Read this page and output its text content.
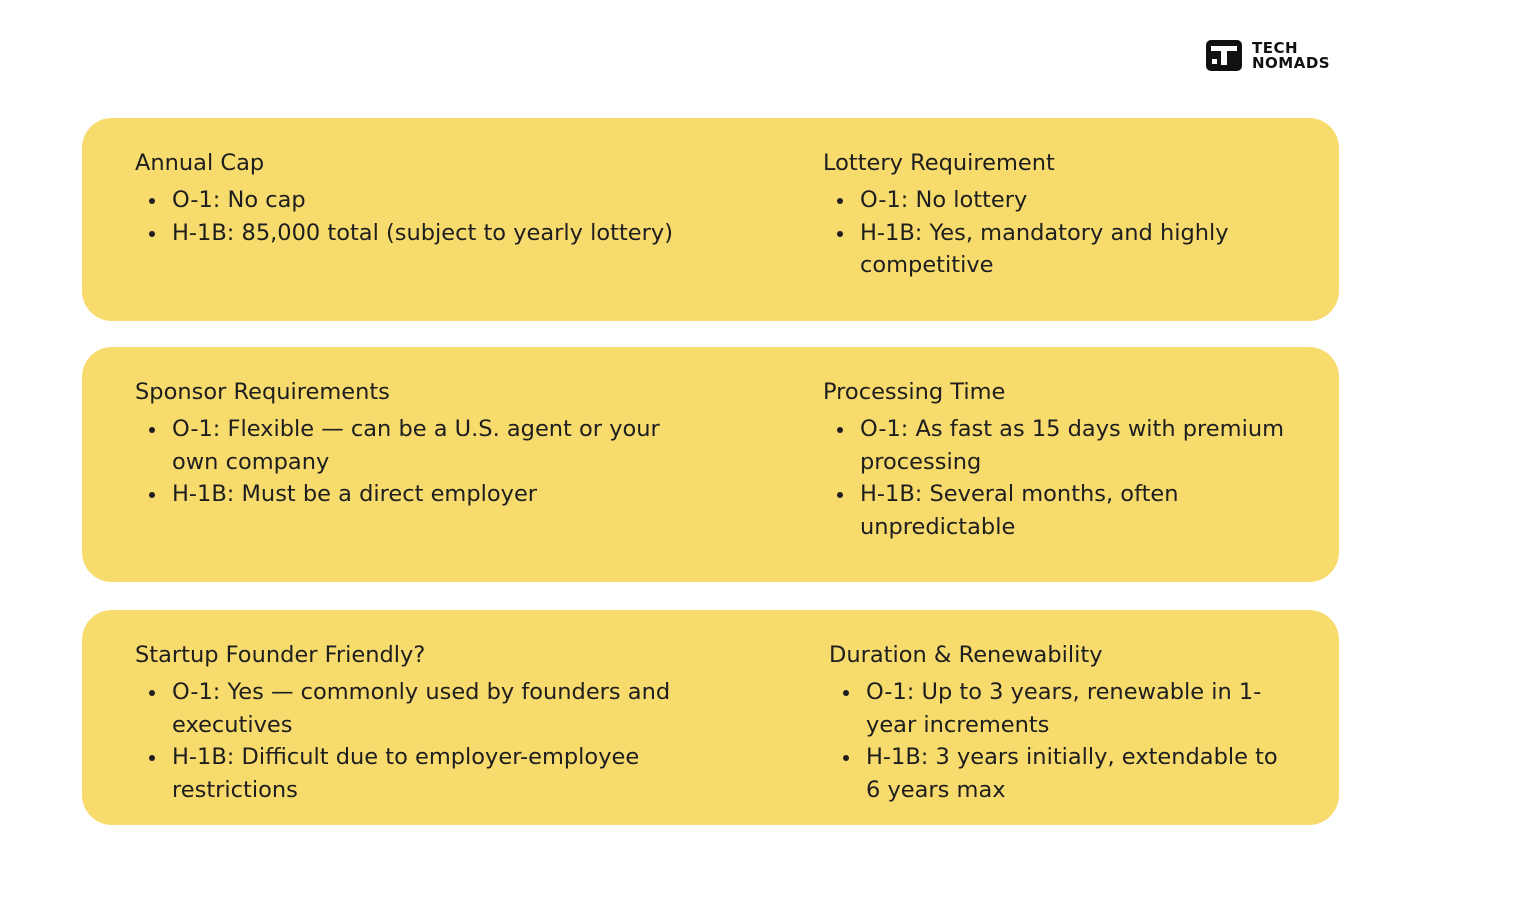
TECH
NOMADS
Annual Cap
O-1: No cap
H-1B: 85,000 total (subject to yearly lottery)
Lottery Requirement
O-1: No lottery
H-1B: Yes, mandatory and highly competitive
Sponsor Requirements
O-1: Flexible — can be a U.S. agent or your own company
H-1B: Must be a direct employer
Processing Time
O-1: As fast as 15 days with premium processing
H-1B: Several months, often unpredictable
Startup Founder Friendly?
O-1: Yes — commonly used by founders and executives
H-1B: Difficult due to employer-employee restrictions
Duration & Renewability
O-1: Up to 3 years, renewable in 1-year increments
H-1B: 3 years initially, extendable to 6 years max
